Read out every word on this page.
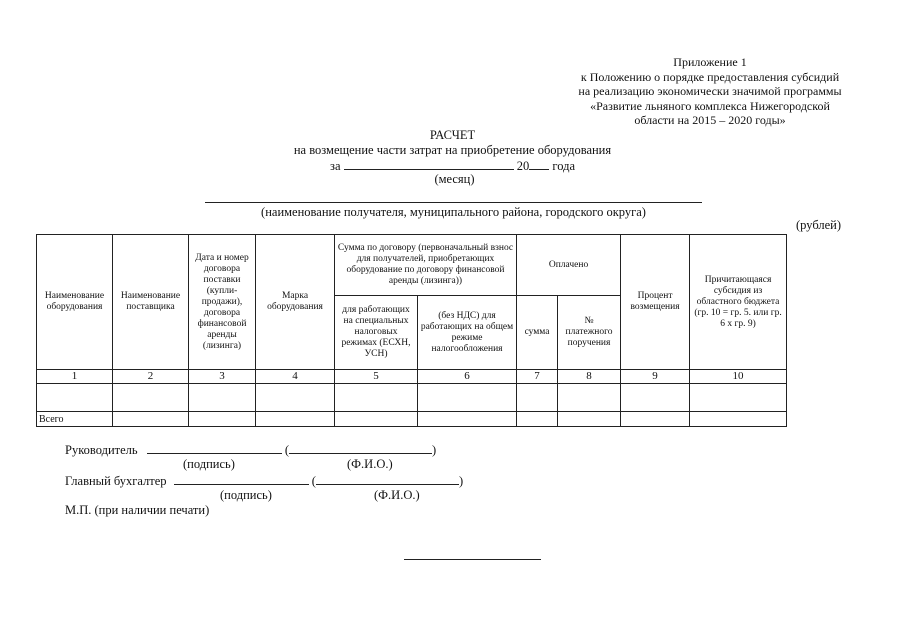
Приложение 1
к Положению о порядке предоставления субсидий
на реализацию экономически значимой программы
«Развитие льняного комплекса Нижегородской
области на 2015 – 2020 годы»
РАСЧЕТ
на возмещение части затрат на приобретение оборудования
за	20 года
(месяц)
(наименование получателя, муниципального района, городского округа)
(рублей)
Наименование оборудования	Наименование поставщика	Дата и номер договора поставки (купли-продажи), договора финансовой аренды (лизинга)	Марка оборудования	Сумма по договору (первоначальный взнос для получателей, приобретающих оборудование по договору финансовой аренды (лизинга))		Оплачено		Процент возмещения	Причитающаяся субсидия из областного бюджета (гр. 10 = гр. 5. или гр. 6 х гр. 9)
				для работающих на специальных налоговых режимах (ЕСХН, УСН)	(без НДС) для работающих на общем режиме налогообложения	сумма	№ платежного поручения		
1	2	3	4	5	6	7	8	9	10

Всего									
Руководитель	(	)
(подпись)	(Ф.И.О.)
Главный бухгалтер	(	)
(подпись)	(Ф.И.О.)
М.П. (при наличии печати)
